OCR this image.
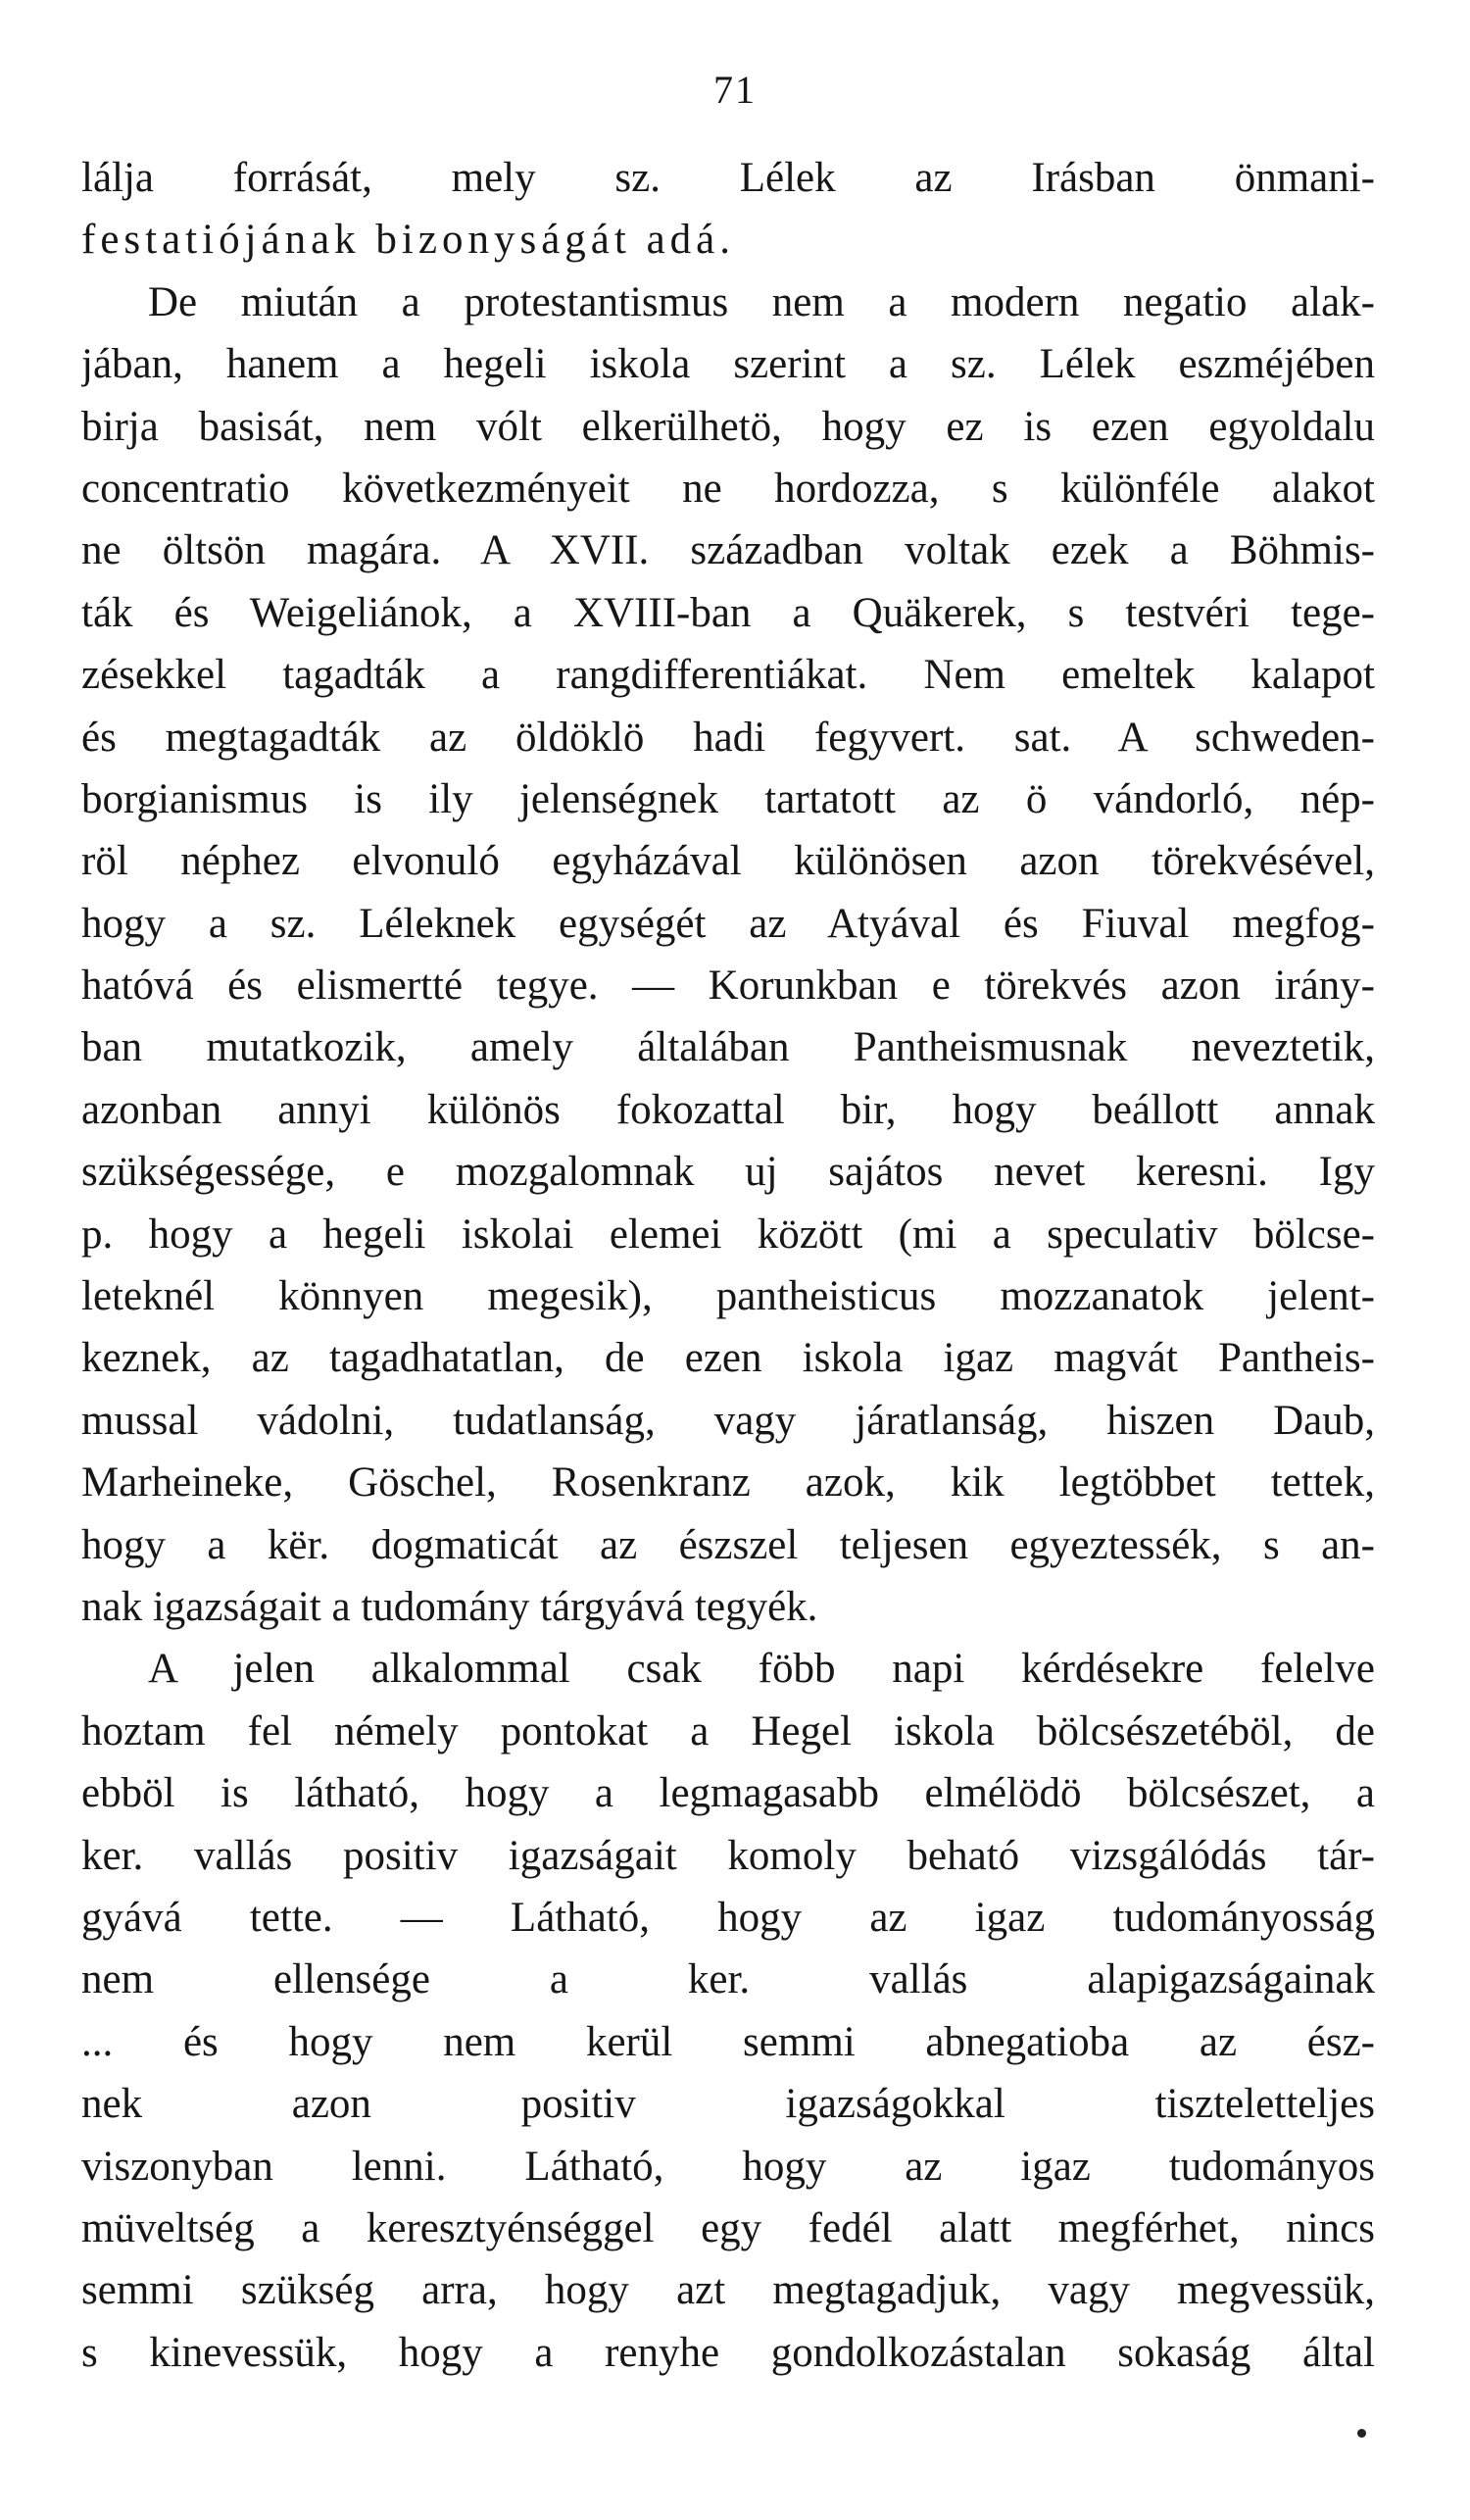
71
lálja forrását, mely sz. Lélek az Irásban önmani-
festatiójának bizonyságát adá.
De miután a protestantismus nem a modern negatio alak-
jában, hanem a hegeli iskola szerint a sz. Lélek eszméjében
birja basisát, nem vólt elkerülhetö, hogy ez is ezen egyoldalu
concentratio következményeit ne hordozza, s különféle alakot
ne öltsön magára. A XVII. században voltak ezek a Böhmis-
ták és Weigeliánok, a XVIII-ban a Quäkerek, s testvéri tege-
zésekkel tagadták a rangdifferentiákat. Nem emeltek kalapot
és megtagadták az öldöklö hadi fegyvert. sat. A schweden-
borgianismus is ily jelenségnek tartatott az ö vándorló, nép-
röl néphez elvonuló egyházával különösen azon törekvésével,
hogy a sz. Léleknek egységét az Atyával és Fiuval megfog-
hatóvá és elismertté tegye. — Korunkban e törekvés azon irány-
ban mutatkozik, amely általában Pantheismusnak neveztetik,
azonban annyi különös fokozattal bir, hogy beállott annak
szükségessége, e mozgalomnak uj sajátos nevet keresni. Igy
p. hogy a hegeli iskolai elemei között (mi a speculativ bölcse-
leteknél könnyen megesik), pantheisticus mozzanatok jelent-
keznek, az tagadhatatlan, de ezen iskola igaz magvát Pantheis-
mussal vádolni, tudatlanság, vagy járatlanság, hiszen Daub,
Marheineke, Göschel, Rosenkranz azok, kik legtöbbet tettek,
hogy a kër. dogmaticát az észszel teljesen egyeztessék, s an-
nak igazságait a tudomány tárgyává tegyék.
A jelen alkalommal csak föbb napi kérdésekre felelve
hoztam fel némely pontokat a Hegel iskola bölcsészetéböl, de
ebböl is látható, hogy a legmagasabb elmélödö bölcsészet, a
ker. vallás positiv igazságait komoly beható vizsgálódás tár-
gyává tette. — Látható, hogy az igaz tudományosság
nem ellensége a ker. vallás alapigazságainak
... és hogy nem kerül semmi abnegatioba az ész-
nek azon positiv igazságokkal tiszteletteljes
viszonyban lenni. Látható, hogy az igaz tudományos
müveltség a keresztyénséggel egy fedél alatt megférhet, nincs
semmi szükség arra, hogy azt megtagadjuk, vagy megvessük,
s kinevessük, hogy a renyhe gondolkozástalan sokaság által
